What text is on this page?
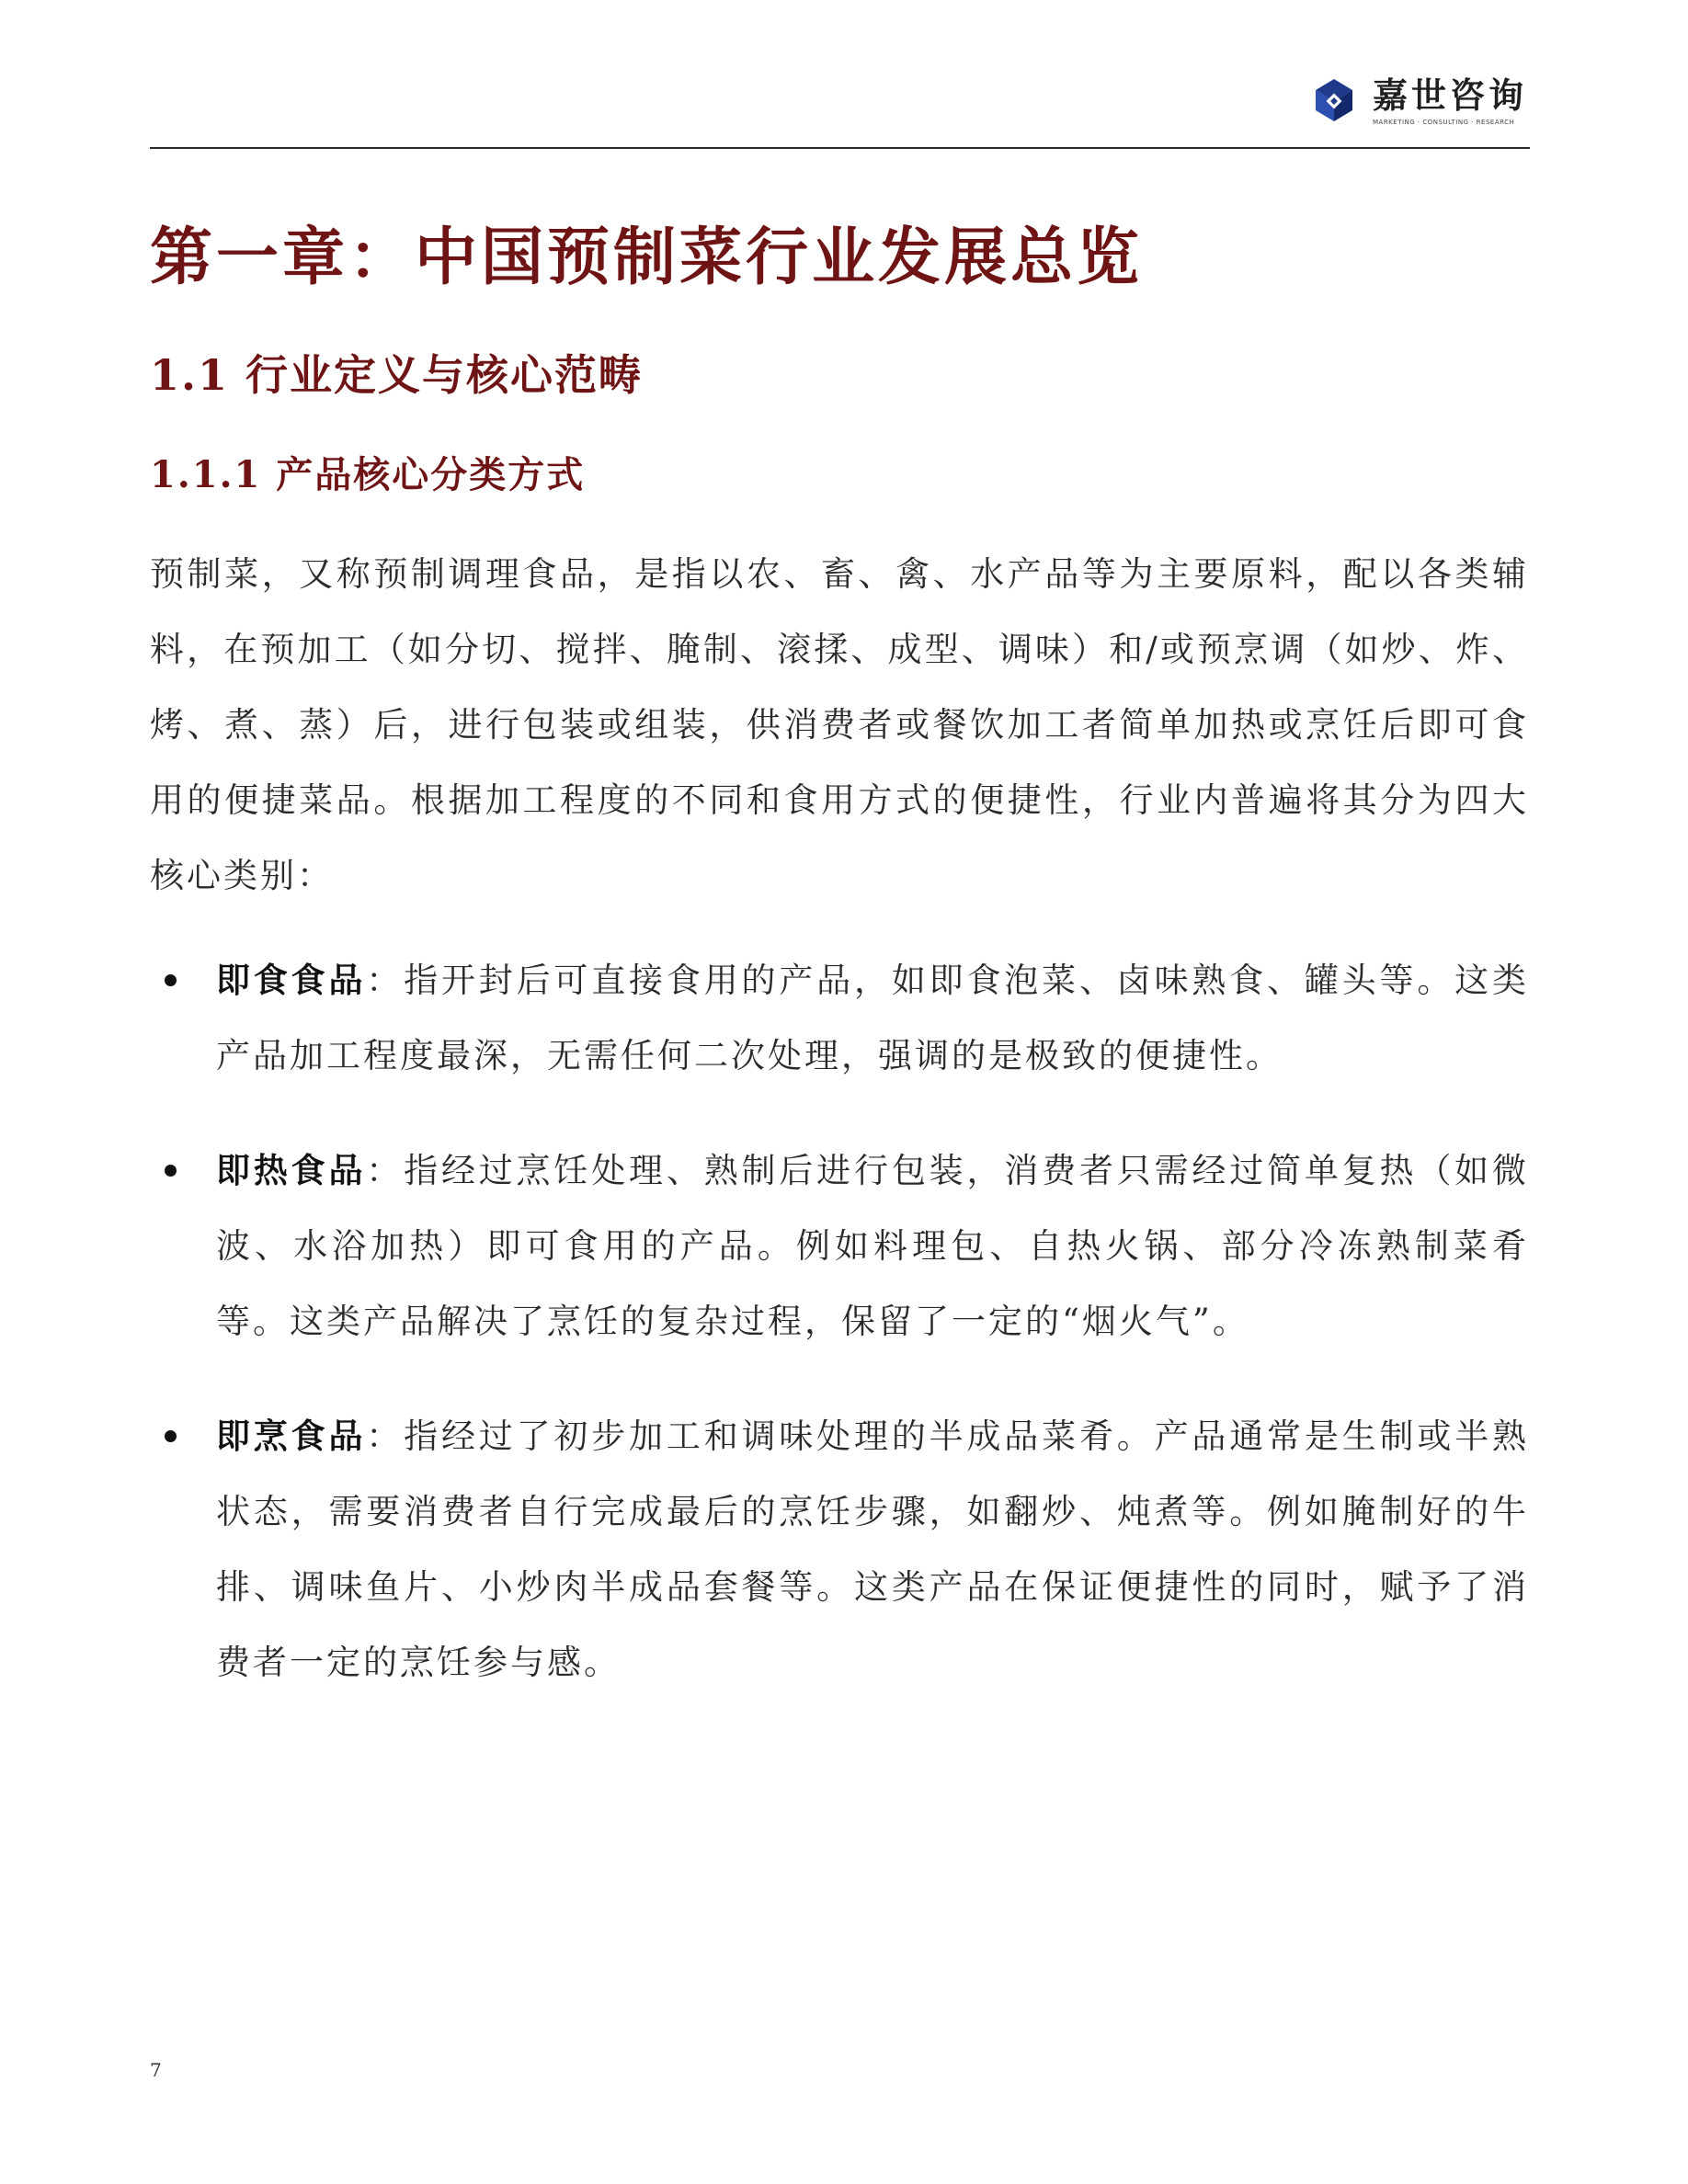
嘉世咨询
MARKETING · CONSULTING · RESEARCH
第一章：中国预制菜行业发展总览
1.1 行业定义与核心范畴
1.1.1 产品核心分类方式

预制菜，又称预制调理食品，是指以农、畜、禽、水产品等为主要原料，配以各类辅料，在预加工（如分切、搅拌、腌制、滚揉、成型、调味）和/或预烹调（如炒、炸、烤、煮、蒸）后，进行包装或组装，供消费者或餐饮加工者简单加热或烹饪后即可食用的便捷菜品。根据加工程度的不同和食用方式的便捷性，行业内普遍将其分为四大核心类别：

即食食品：指开封后可直接食用的产品，如即食泡菜、卤味熟食、罐头等。这类产品加工程度最深，无需任何二次处理，强调的是极致的便捷性。
即热食品：指经过烹饪处理、熟制后进行包装，消费者只需经过简单复热（如微波、水浴加热）即可食用的产品。例如料理包、自热火锅、部分冷冻熟制菜肴等。这类产品解决了烹饪的复杂过程，保留了一定的“烟火气”。
即烹食品：指经过了初步加工和调味处理的半成品菜肴。产品通常是生制或半熟状态，需要消费者自行完成最后的烹饪步骤，如翻炒、炖煮等。例如腌制好的牛排、调味鱼片、小炒肉半成品套餐等。这类产品在保证便捷性的同时，赋予了消费者一定的烹饪参与感。
7
